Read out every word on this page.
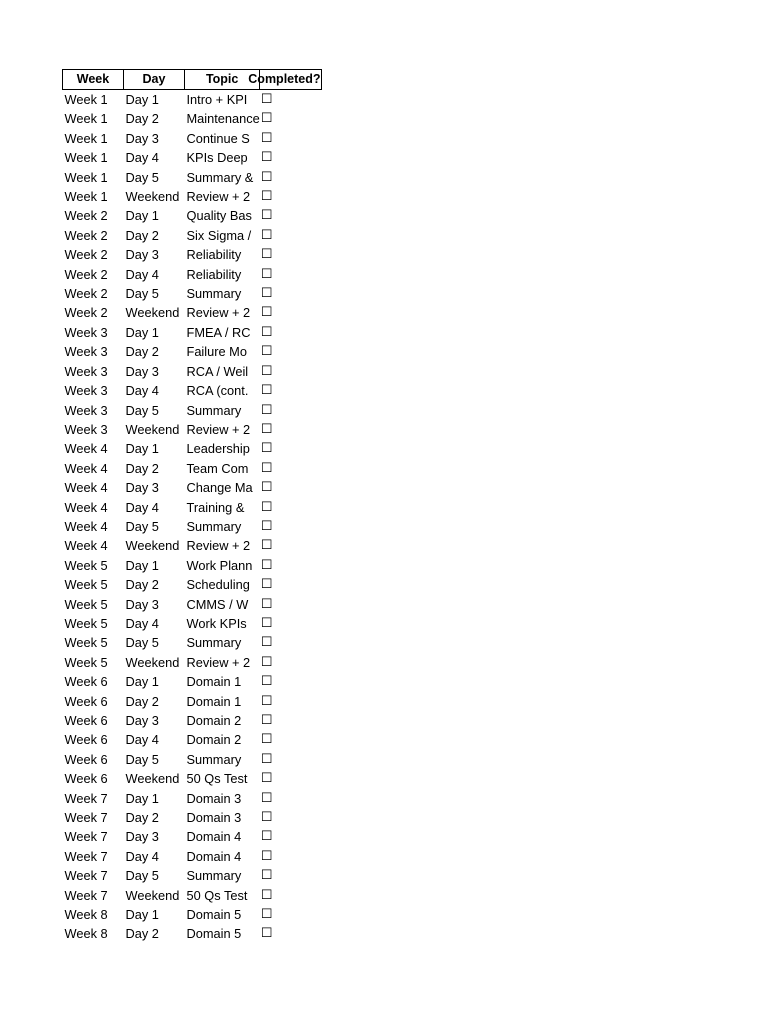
Week	Day	Topic	Completed?
Week 1	Day 1	Intro + KPI	☐
Week 1	Day 2	Maintenance	☐
Week 1	Day 3	Continue S	☐
Week 1	Day 4	KPIs Deep	☐
Week 1	Day 5	Summary &	☐
Week 1	Weekend	Review + 2	☐
Week 2	Day 1	Quality Bas	☐
Week 2	Day 2	Six Sigma /	☐
Week 2	Day 3	Reliability	☐
Week 2	Day 4	Reliability	☐
Week 2	Day 5	Summary	☐
Week 2	Weekend	Review + 2	☐
Week 3	Day 1	FMEA / RC	☐
Week 3	Day 2	Failure Mo	☐
Week 3	Day 3	RCA / Weil	☐
Week 3	Day 4	RCA (cont.	☐
Week 3	Day 5	Summary	☐
Week 3	Weekend	Review + 2	☐
Week 4	Day 1	Leadership	☐
Week 4	Day 2	Team Com	☐
Week 4	Day 3	Change Ma	☐
Week 4	Day 4	Training &	☐
Week 4	Day 5	Summary	☐
Week 4	Weekend	Review + 2	☐
Week 5	Day 1	Work Plann	☐
Week 5	Day 2	Scheduling	☐
Week 5	Day 3	CMMS / W	☐
Week 5	Day 4	Work KPIs	☐
Week 5	Day 5	Summary	☐
Week 5	Weekend	Review + 2	☐
Week 6	Day 1	Domain 1	☐
Week 6	Day 2	Domain 1	☐
Week 6	Day 3	Domain 2	☐
Week 6	Day 4	Domain 2	☐
Week 6	Day 5	Summary	☐
Week 6	Weekend	50 Qs Test	☐
Week 7	Day 1	Domain 3	☐
Week 7	Day 2	Domain 3	☐
Week 7	Day 3	Domain 4	☐
Week 7	Day 4	Domain 4	☐
Week 7	Day 5	Summary	☐
Week 7	Weekend	50 Qs Test	☐
Week 8	Day 1	Domain 5	☐
Week 8	Day 2	Domain 5	☐
